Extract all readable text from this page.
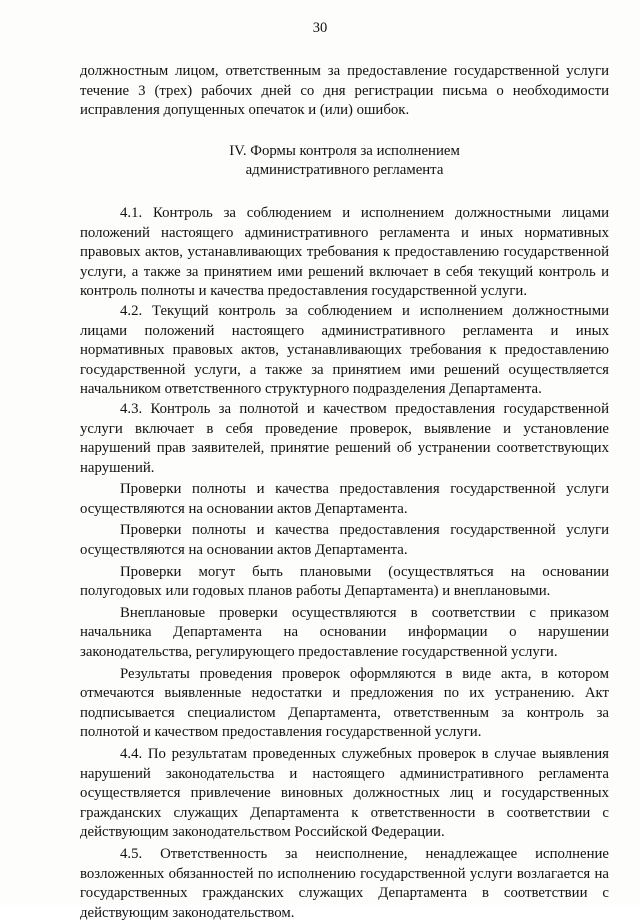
30

должностным лицом, ответственным за предоставление государственной услуги течение 3 (трех) рабочих дней со дня регистрации письма о необходимости исправления допущенных опечаток и (или) ошибок.

IV. Формы контроля за исполнением
административного регламента

4.1. Контроль за соблюдением и исполнением должностными лицами положений настоящего административного регламента и иных нормативных правовых актов, устанавливающих требования к предоставлению государственной услуги, а также за принятием ими решений включает в себя текущий контроль и контроль полноты и качества предоставления государственной услуги.

4.2. Текущий контроль за соблюдением и исполнением должностными лицами положений настоящего административного регламента и иных нормативных правовых актов, устанавливающих требования к предоставлению государственной услуги, а также за принятием ими решений осуществляется начальником ответственного структурного подразделения Департамента.

4.3. Контроль за полнотой и качеством предоставления государственной услуги включает в себя проведение проверок, выявление и установление нарушений прав заявителей, принятие решений об устранении соответствующих нарушений.

Проверки полноты и качества предоставления государственной услуги осуществляются на основании актов Департамента.

Проверки полноты и качества предоставления государственной услуги осуществляются на основании актов Департамента.

Проверки могут быть плановыми (осуществляться на основании полугодовых или годовых планов работы Департамента) и внеплановыми.

Внеплановые проверки осуществляются в соответствии с приказом начальника Департамента на основании информации о нарушении законодательства, регулирующего предоставление государственной услуги.

Результаты проведения проверок оформляются в виде акта, в котором отмечаются выявленные недостатки и предложения по их устранению. Акт подписывается специалистом Департамента, ответственным за контроль за полнотой и качеством предоставления государственной услуги.

4.4. По результатам проведенных служебных проверок в случае выявления нарушений законодательства и настоящего административного регламента осуществляется привлечение виновных должностных лиц и государственных гражданских служащих Департамента к ответственности в соответствии с действующим законодательством Российской Федерации.

4.5. Ответственность за неисполнение, ненадлежащее исполнение возложенных обязанностей по исполнению государственной услуги возлагается на государственных гражданских служащих Департамента в соответствии с действующим законодательством.
